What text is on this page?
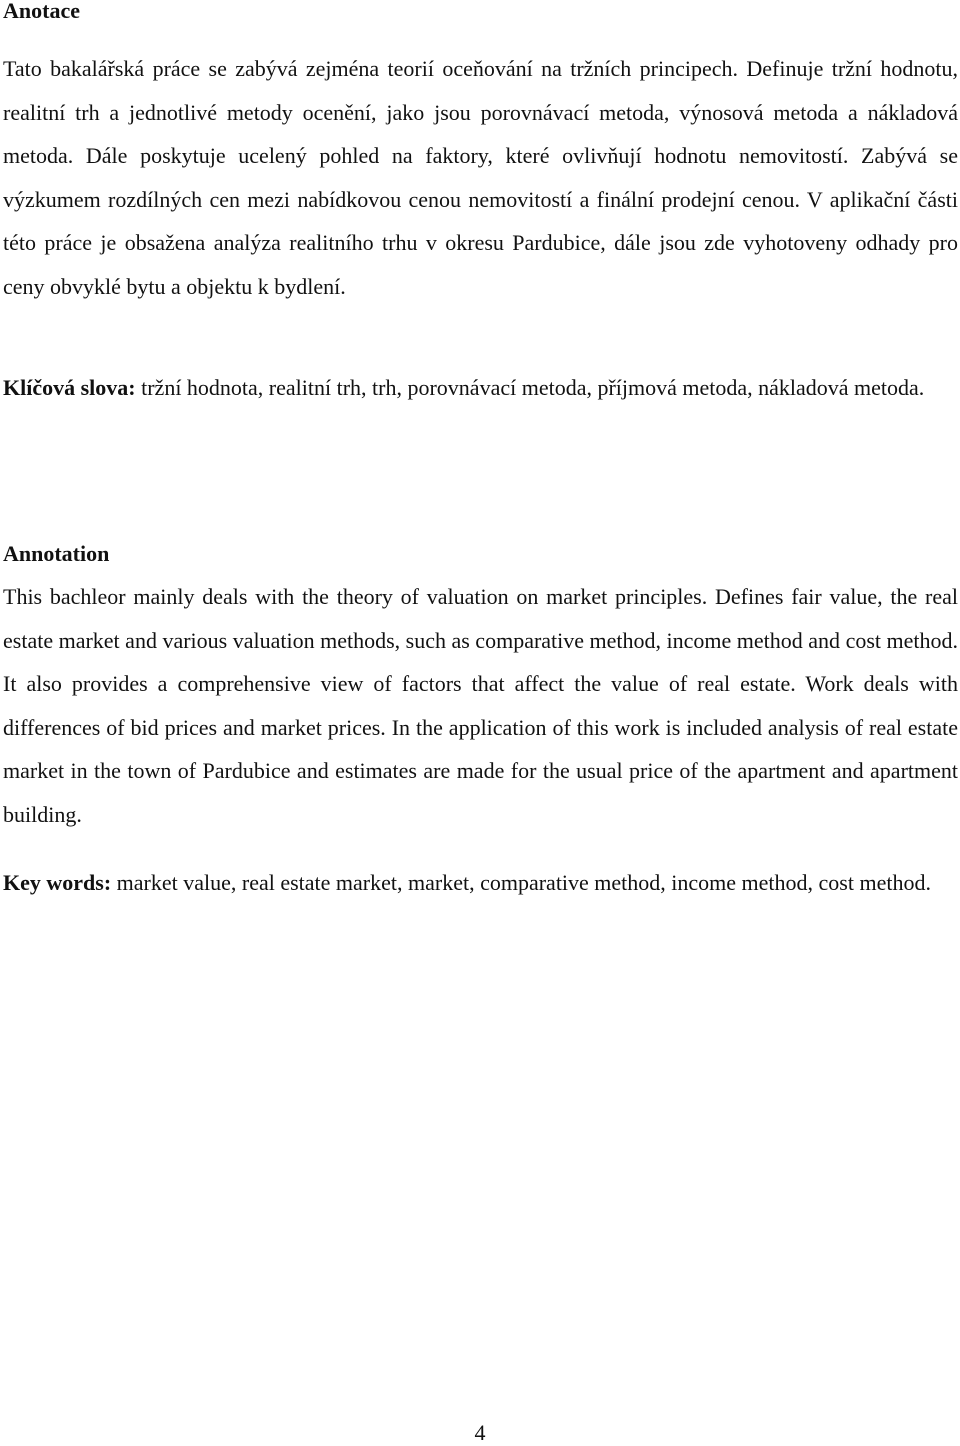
Anotace

Tato bakalářská práce se zabývá zejména teorií oceňování na tržních principech. Definuje tržní hodnotu, realitní trh a jednotlivé metody ocenění, jako jsou porovnávací metoda, výnosová metoda a nákladová metoda. Dále poskytuje ucelený pohled na faktory, které ovlivňují hodnotu nemovitostí. Zabývá se výzkumem rozdílných cen mezi nabídkovou cenou nemovitostí a finální prodejní cenou. V aplikační části této práce je obsažena analýza realitního trhu v okresu Pardubice, dále jsou zde vyhotoveny odhady pro ceny obvyklé bytu a objektu k bydlení.

Klíčová slova: tržní hodnota, realitní trh, trh, porovnávací metoda, příjmová metoda, nákladová metoda.

Annotation

This bachleor mainly deals with the theory of valuation on market principles. Defines fair value, the real estate market and various valuation methods, such as comparative method, income method and cost method. It also provides a comprehensive view of factors that affect the value of real estate. Work deals with differences of bid prices and market prices. In the application of this work is included analysis of real estate market in the town of Pardubice and estimates are made for the usual price of the apartment and apartment building.

Key words: market value, real estate market, market, comparative method, income method, cost method.

4
